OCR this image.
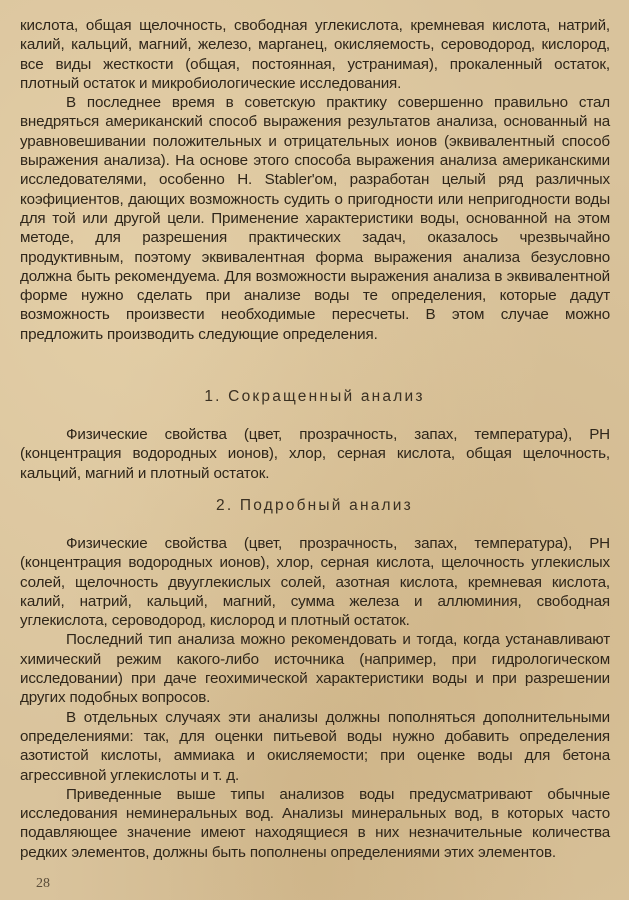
кислота, общая щелочность, свободная углекислота, кремневая кислота, натрий, калий, кальций, магний, железо, марганец, окисляемость, сероводород, кислород, все виды жесткости (общая, постоянная, устранимая), прокаленный остаток, плотный остаток и микробиологические исследования.

В последнее время в советскую практику совершенно правильно стал внедряться американский способ выражения результатов анализа, основанный на уравновешивании положительных и отрицательных ионов (эквивалентный способ выражения анализа). На основе этого способа выражения анализа американскими исследователями, особенно H. Stabler'ом, разработан целый ряд различных коэфициентов, дающих возможность судить о пригодности или непригодности воды для той или другой цели. Применение характеристики воды, основанной на этом методе, для разрешения практических задач, оказалось чрезвычайно продуктивным, поэтому эквивалентная форма выражения анализа безусловно должна быть рекомендуема. Для возможности выражения анализа в эквивалентной форме нужно сделать при анализе воды те определения, которые дадут возможность произвести необходимые пересчеты. В этом случае можно предложить производить следующие определения.

1. Сокращенный анализ

Физические свойства (цвет, прозрачность, запах, температура), РН (концентрация водородных ионов), хлор, серная кислота, общая щелочность, кальций, магний и плотный остаток.

2. Подробный анализ

Физические свойства (цвет, прозрачность, запах, температура), РН (концентрация водородных ионов), хлор, серная кислота, щелочность углекислых солей, щелочность двууглекислых солей, азотная кислота, кремневая кислота, калий, натрий, кальций, магний, сумма железа и аллюминия, свободная углекислота, сероводород, кислород и плотный остаток.

Последний тип анализа можно рекомендовать и тогда, когда устанавливают химический режим какого-либо источника (например, при гидрологическом исследовании) при даче геохимической характеристики воды и при разрешении других подобных вопросов.

В отдельных случаях эти анализы должны пополняться дополнительными определениями: так, для оценки питьевой воды нужно добавить определения азотистой кислоты, аммиака и окисляемости; при оценке воды для бетона агрессивной углекислоты и т. д.

Приведенные выше типы анализов воды предусматривают обычные исследования неминеральных вод. Анализы минеральных вод, в которых часто подавляющее значение имеют находящиеся в них незначительные количества редких элементов, должны быть пополнены определениями этих элементов.

28
